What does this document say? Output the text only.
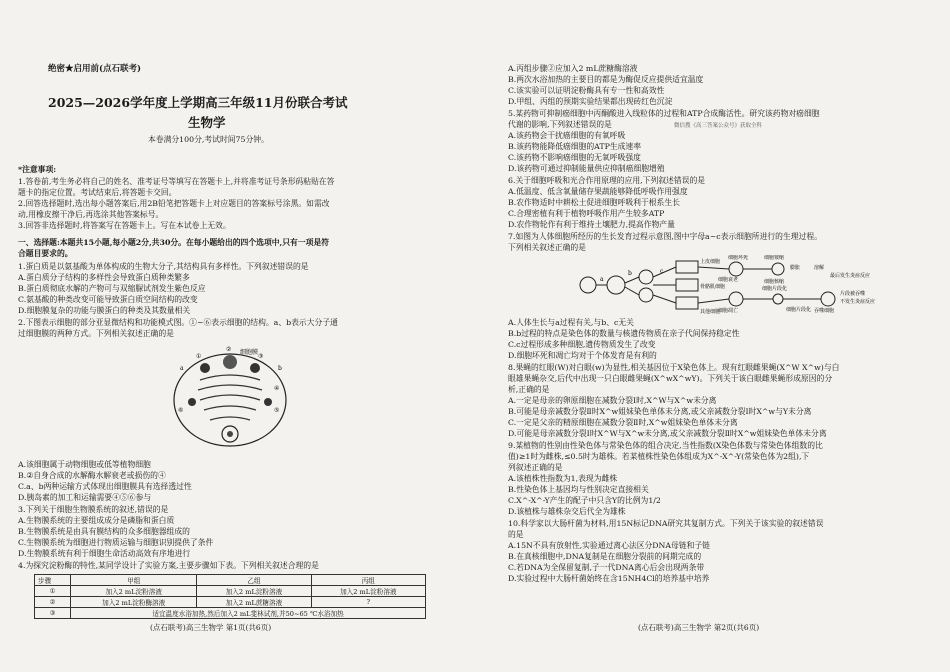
绝密★启用前(点石联考)
2025—2026学年度上学期高三年级11月份联合考试
生物学
本卷满分100分,考试时间75分钟。
*注意事项:
1.答卷前,考生务必将自己的姓名、准考证号等填写在答题卡上,并将准考证号条形码粘贴在答
题卡的指定位置。考试结束后,将答题卡交回。
2.回答选择题时,选出每小题答案后,用2B铅笔把答题卡上对应题目的答案标号涂黑。如需改
动,用橡皮擦干净后,再选涂其他答案标号。
3.回答非选择题时,将答案写在答题卡上。写在本试卷上无效。
一、选择题:本题共15小题,每小题2分,共30分。在每小题给出的四个选项中,只有一项是符
合题目要求的。
1.蛋白质是以氨基酸为单体构成的生物大分子,其结构具有多样性。下列叙述错误的是
A.蛋白质分子结构的多样性会导致蛋白质种类繁多
B.蛋白质彻底水解的产物可与双缩脲试剂发生紫色反应
C.氨基酸的种类改变可能导致蛋白质空间结构的改变
D.细胞膜复杂的功能与膜蛋白的种类及其数量相关
2.下图表示细胞的部分亚显微结构和功能模式图。①~⑥表示细胞的结构。a、b表示大分子通
过细胞膜的两种方式。下列相关叙述正确的是
细胞膜
a	b
①
②
③
④
⑤
⑥
A.该细胞属于动物细胞或低等植物细胞
B.②自身合成的水解酶水解衰老或损伤的④
C.a、b两种运输方式体现出细胞膜具有选择透过性
D.胰岛素的加工和运输需要④⑤⑥参与
3.下列关于细胞生物膜系统的叙述,错误的是
A.生物膜系统的主要组成成分是磷脂和蛋白质
B.生物膜系统是由具有膜结构的众多细胞器组成的
C.生物膜系统为细胞进行物质运输与细胞识别提供了条件
D.生物膜系统有利于细胞生命活动高效有序地进行
4.为探究淀粉酶的特性,某同学设计了实验方案,主要步骤如下表。下列相关叙述合理的是
步骤	甲组	乙组	丙组
①	加入2 mL淀粉溶液	加入2 mL淀粉溶液	加入2 mL淀粉溶液
②	加入2 mL淀粉酶溶液	加入2 mL蔗糖溶液	?
③	适宜温度水浴加热,然后加入2 mL斐林试剂,并50~65 ℃水浴加热		
(点石联考)高三生物学 第1页(共6页)
A.丙组步骤②应加入2 mL蔗糖酶溶液
B.两次水浴加热的主要目的都是为酶促反应提供适宜温度
C.该实验可以证明淀粉酶具有专一性和高效性
D.甲组、丙组的预期实验结果都出现砖红色沉淀
5.某药物可抑制癌细胞中丙酮酸进入线粒体的过程和ATP合成酶活性。研究该药物对癌细胞
代谢的影响,下列叙述错误的是	微信搜《高三答案公众号》获取全科
A.该药物会干扰癌细胞的有氧呼吸
B.该药物能降低癌细胞的ATP生成速率
C.该药物不影响癌细胞的无氧呼吸强度
D.该药物可通过抑制能量供应抑制癌细胞增殖
6.关于细胞呼吸和光合作用原理的应用,下列叙述错误的是
A.低温度、低含氧量储存果蔬能够降低呼吸作用强度
B.农作物适时中耕松土促进细胞呼吸利于根系生长
C.合理密植有利于植物呼吸作用产生较多ATP
D.农作物轮作有利于维持土壤肥力,提高作物产量
7.如图为人体细胞所经历的生长发育过程示意图,图中字母a~c表示细胞所进行的生理过程。
下列相关叙述正确的是
a
b	c
上皮细胞
骨骼肌细胞
其他细胞
细胞衰老
细胞凋亡
细胞坏死	细胞皱缩
细胞核缩
细胞片段化
细胞片段化 吞噬细胞
膨胀	溶解
最后发生炎症反应
片段被吞噬
不发生炎症反应
A.人体生长与a过程有关,与b、c无关
B.b过程的特点是染色体的数量与核遗传物质在亲子代间保持稳定性
C.c过程形成多种细胞,遗传物质发生了改变
D.细胞坏死和凋亡均对于个体发育是有利的
8.果蝇的红眼(W)对白眼(w)为显性,相关基因位于X染色体上。现有红眼雌果蝇(X^W X^w)与白
眼雄果蝇杂交,后代中出现一只白眼雌果蝇(X^wX^wY)。下列关于该白眼雌果蝇形成原因的分
析,正确的是
A.一定是母亲的卵原细胞在减数分裂Ⅰ时,X^W与X^w未分离
B.可能是母亲减数分裂Ⅱ时X^w姐妹染色单体未分离,或父亲减数分裂Ⅰ时X^w与Y未分离
C.一定是父亲的精原细胞在减数分裂Ⅱ时,X^w姐妹染色单体未分离
D.可能是母亲减数分裂Ⅰ时X^W与X^w未分离,或父亲减数分裂Ⅱ时X^w姐妹染色单体未分离
9.某植物的性别由性染色体与常染色体的组合决定,当性指数(X染色体数与常染色体组数的比
值)≥1时为雌株,≤0.5时为雄株。若某植株性染色体组成为X^-X^-Y(常染色体为2组),下
列叙述正确的是
A.该植株性指数为1,表现为雌株
B.性染色体上基因均与性别决定直接相关
C.X^-X^-Y产生的配子中只含Y的比例为1/2
D.该植株与雄株杂交后代全为雄株
10.科学家以大肠杆菌为材料,用15N标记DNA研究其复制方式。下列关于该实验的叙述错误
的是
A.15N不具有放射性,实验通过离心法区分DNA母链和子链
B.在真核细胞中,DNA复制是在细胞分裂前的间期完成的
C.若DNA为全保留复制,子一代DNA离心后会出现两条带
D.实验过程中大肠杆菌始终在含15NH4Cl的培养基中培养
(点石联考)高三生物学 第2页(共6页)
